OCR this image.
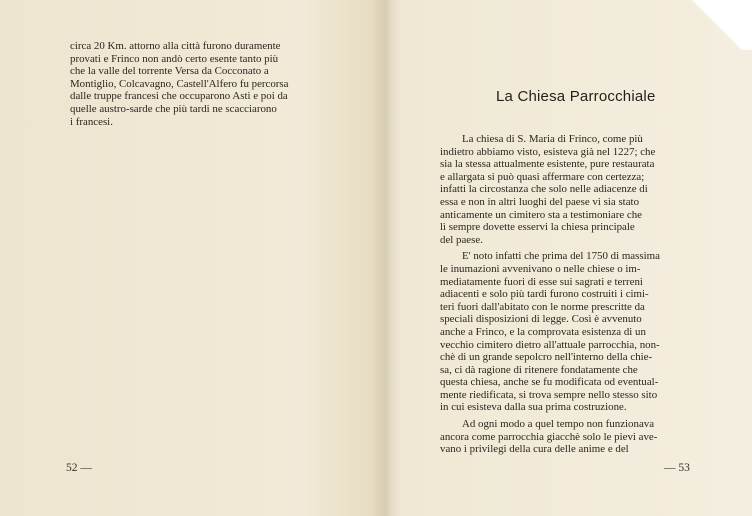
circa 20 Km. attorno alla città furono duramente
provati e Frinco non andò certo esente tanto più
che la valle del torrente Versa da Cocconato a
Montiglio, Colcavagno, Castell'Alfero fu percorsa
dalle truppe francesi che occuparono Asti e poi da
quelle austro-sarde che più tardi ne scacciarono
i francesi.
52 —
La Chiesa Parrocchiale
La chiesa di S. Maria di Frinco, come più
indietro abbiamo visto, esisteva già nel 1227; che
sia la stessa attualmente esistente, pure restaurata
e allargata si può quasi affermare con certezza;
infatti la circostanza che solo nelle adiacenze di
essa e non in altri luoghi del paese vi sia stato
anticamente un cimitero sta a testimoniare che
lì sempre dovette esservi la chiesa principale
del paese.
E' noto infatti che prima del 1750 di massima
le inumazioni avvenivano o nelle chiese o im-
mediatamente fuori di esse sui sagrati e terreni
adiacenti e solo più tardi furono costruiti i cimi-
teri fuori dall'abitato con le norme prescritte da
speciali disposizioni di legge. Così è avvenuto
anche a Frinco, e la comprovata esistenza di un
vecchio cimitero dietro all'attuale parrocchia, non-
chè di un grande sepolcro nell'interno della chie-
sa, ci dà ragione di ritenere fondatamente che
questa chiesa, anche se fu modificata od eventual-
mente riedificata, si trova sempre nello stesso sito
in cui esisteva dalla sua prima costruzione.
Ad ogni modo a quel tempo non funzionava
ancora come parrocchia giacchè solo le pievi ave-
vano i privilegi della cura delle anime e del
— 53
